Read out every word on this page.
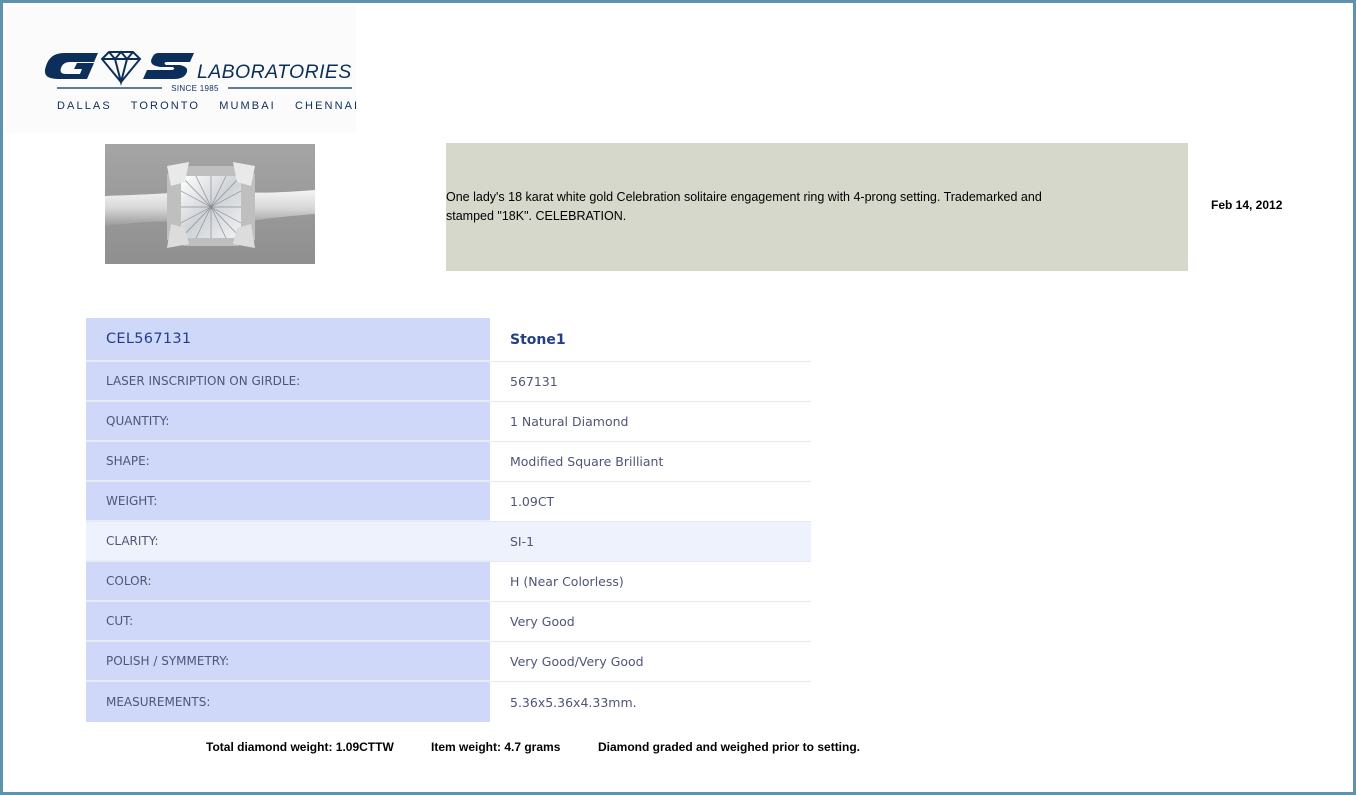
LABORATORIES
SINCE 1985
DALLAS TORONTO MUMBAI CHENNAI
One lady's 18 karat white gold Celebration solitaire engagement ring with 4-prong setting. Trademarked and stamped "18K". CELEBRATION.
Feb 14, 2012
CEL567131	Stone1
LASER INSCRIPTION ON GIRDLE:	567131
QUANTITY:	1 Natural Diamond
SHAPE:	Modified Square Brilliant
WEIGHT:	1.09CT
CLARITY:	SI-1
COLOR:	H (Near Colorless)
CUT:	Very Good
POLISH / SYMMETRY:	Very Good/Very Good
MEASUREMENTS:	5.36x5.36x4.33mm.
Total diamond weight: 1.09CTTW	Item weight: 4.7 grams	Diamond graded and weighed prior to setting.
